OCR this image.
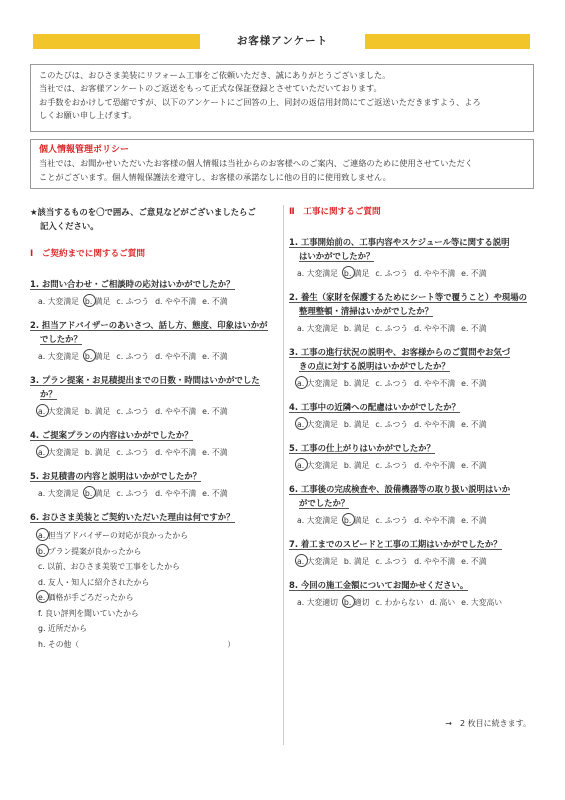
お客様アンケート
このたびは、おひさま美装にリフォーム工事をご依頼いただき、誠にありがとうございました。
当社では、お客様アンケートのご返送をもって正式な保証登録とさせていただいております。
お手数をおかけして恐縮ですが、以下のアンケートにご回答の上、同封の返信用封筒にてご返送いただきますよう、よろ
しくお願い申し上げます。
個人情報管理ポリシー
当社では、お聞かせいただいたお客様の個人情報は当社からのお客様へのご案内、ご連絡のために使用させていただく
ことがございます。個人情報保護法を遵守し、お客様の承諾なしに他の目的に使用致しません。
★該当するものを〇で囲み、ご意見などがございましたらご
記入ください。
Ⅰ　ご契約までに関するご質問
1. お問い合わせ・ご相談時の応対はいかがでしたか？
a. 大変満足 b. 満足 c. ふつう d. やや不満 e. 不満
2. 担当アドバイザーのあいさつ、話し方、態度、印象はいかが
でしたか？
a. 大変満足 b. 満足 c. ふつう d. やや不満 e. 不満
3. プラン提案・お見積提出までの日数・時間はいかがでした
か？
a. 大変満足 b. 満足 c. ふつう d. やや不満 e. 不満
4. ご提案プランの内容はいかがでしたか？
a. 大変満足 b. 満足 c. ふつう d. やや不満 e. 不満
5. お見積書の内容と説明はいかがでしたか？
a. 大変満足 b. 満足 c. ふつう d. やや不満 e. 不満
6. おひさま美装とご契約いただいた理由は何ですか？
a. 担当アドバイザーの対応が良かったから
b. プラン提案が良かったから
c. 以前、おひさま美装で工事をしたから
d. 友人・知人に紹介されたから
e. 価格が手ごろだったから
f. 良い評判を聞いていたから
g. 近所だから
h. その他（　　　　　　　　　　　　　　　　　　　）
Ⅱ　工事に関するご質問
1. 工事開始前の、工事内容やスケジュール等に関する説明
はいかがでしたか？
a. 大変満足 b. 満足 c. ふつう d. やや不満 e. 不満
2. 養生（家財を保護するためにシート等で覆うこと）や現場の
整理整頓・清掃はいかがでしたか？
a. 大変満足 b. 満足 c. ふつう d. やや不満 e. 不満
3. 工事の進行状況の説明や、お客様からのご質問やお気づ
きの点に対する説明はいかがでしたか？
a. 大変満足 b. 満足 c. ふつう d. やや不満 e. 不満
4. 工事中の近隣への配慮はいかがでしたか？
a. 大変満足 b. 満足 c. ふつう d. やや不満 e. 不満
5. 工事の仕上がりはいかがでしたか？
a. 大変満足 b. 満足 c. ふつう d. やや不満 e. 不満
6. 工事後の完成検査や、設備機器等の取り扱い説明はいか
がでしたか？
a. 大変満足 b. 満足 c. ふつう d. やや不満 e. 不満
7. 着工までのスピードと工事の工期はいかがでしたか？
a. 大変満足 b. 満足 c. ふつう d. やや不満 e. 不満
8. 今回の施工金額についてお聞かせください。
a. 大変適切 b. 適切 c. わからない d. 高い e. 大変高い
→　2 枚目に続きます。
